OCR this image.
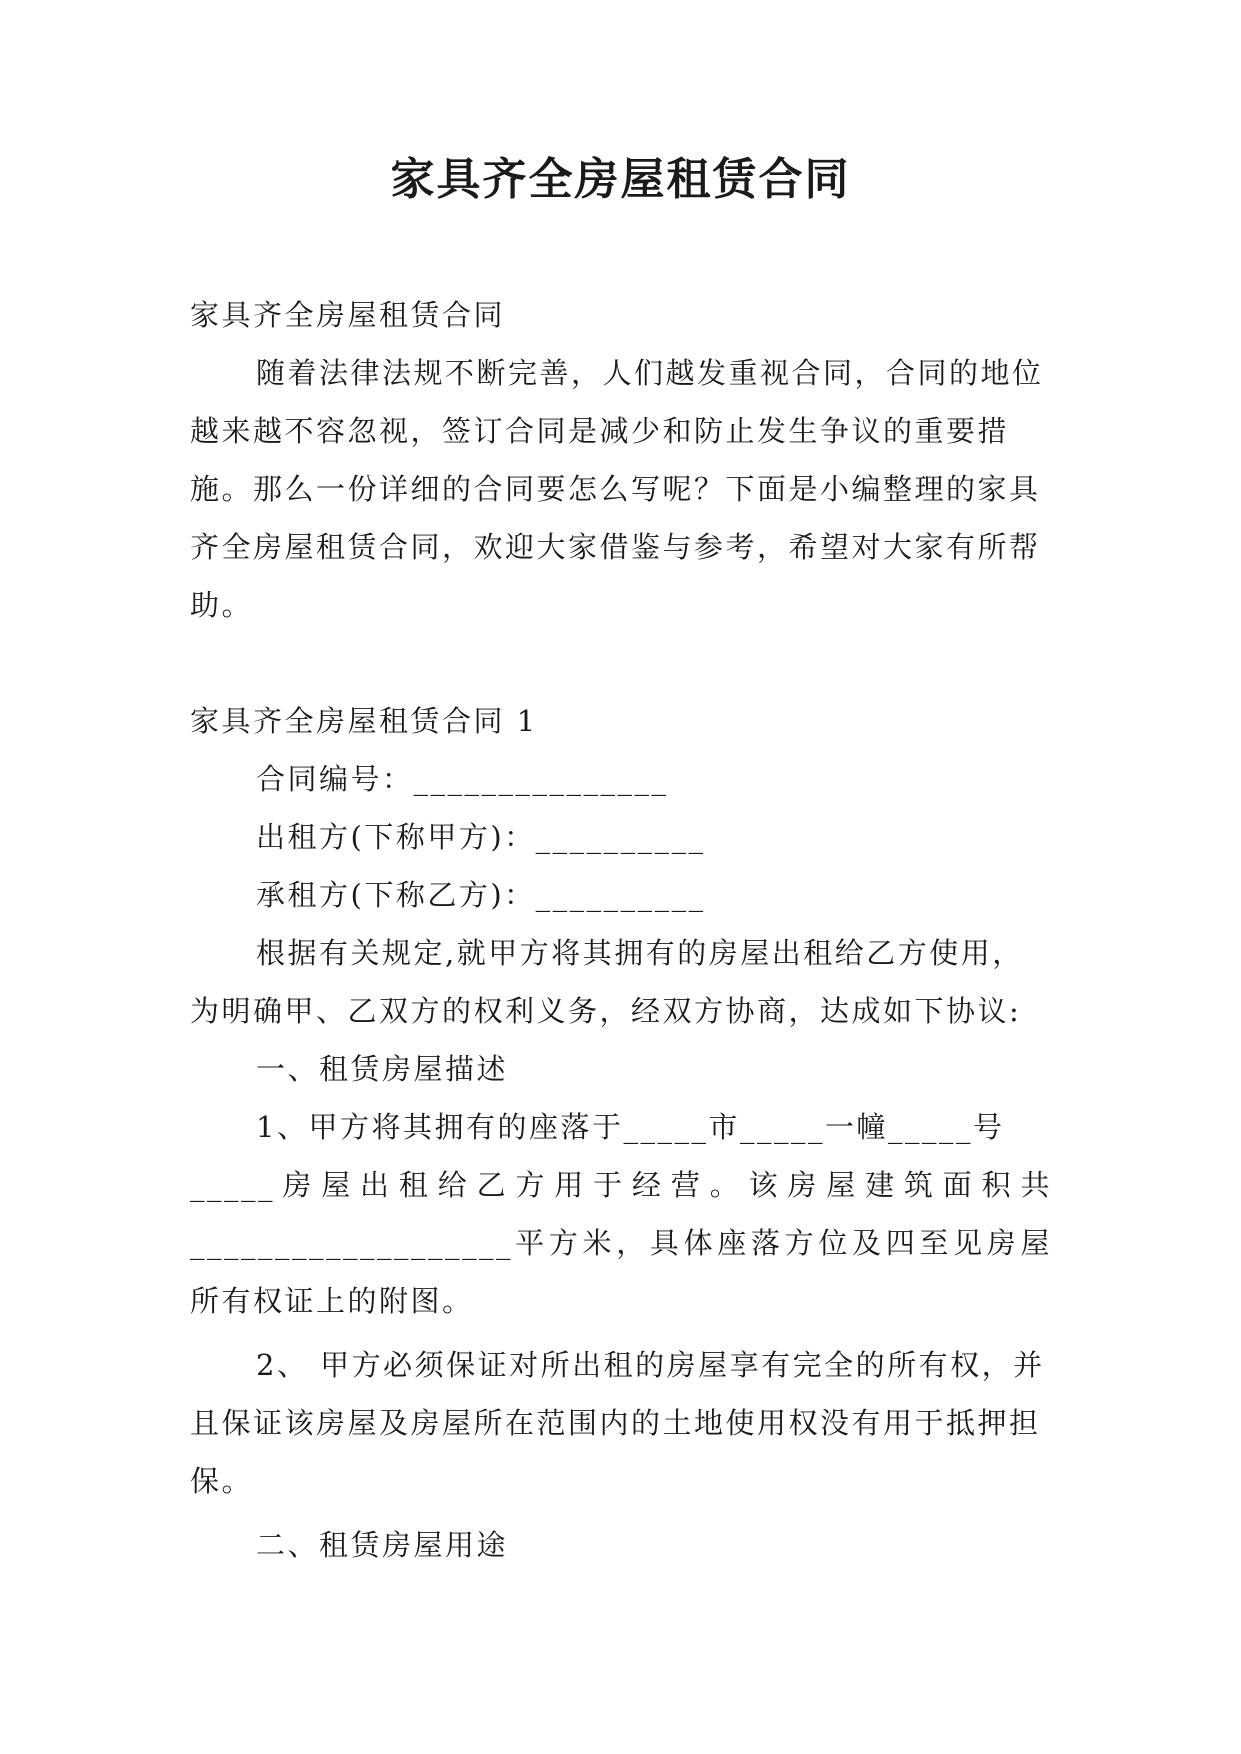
家具齐全房屋租赁合同

家具齐全房屋租赁合同

随着法律法规不断完善，人们越发重视合同，合同的地位越来越不容忽视，签订合同是减少和防止发生争议的重要措施。那么一份详细的合同要怎么写呢？下面是小编整理的家具齐全房屋租赁合同，欢迎大家借鉴与参考，希望对大家有所帮助。

家具齐全房屋租赁合同 1

合同编号：_______________

出租方(下称甲方)：__________

承租方(下称乙方)：__________

根据有关规定,就甲方将其拥有的房屋出租给乙方使用，为明确甲、乙双方的权利义务，经双方协商，达成如下协议:

一、租赁房屋描述

1、甲方将其拥有的座落于_____市_____一幢_____号

_____房屋出租给乙方用于经营。该房屋建筑面积共

___________________平方米，具体座落方位及四至见房屋

所有权证上的附图。

2、 甲方必须保证对所出租的房屋享有完全的所有权，并且保证该房屋及房屋所在范围内的土地使用权没有用于抵押担保。

二、租赁房屋用途
